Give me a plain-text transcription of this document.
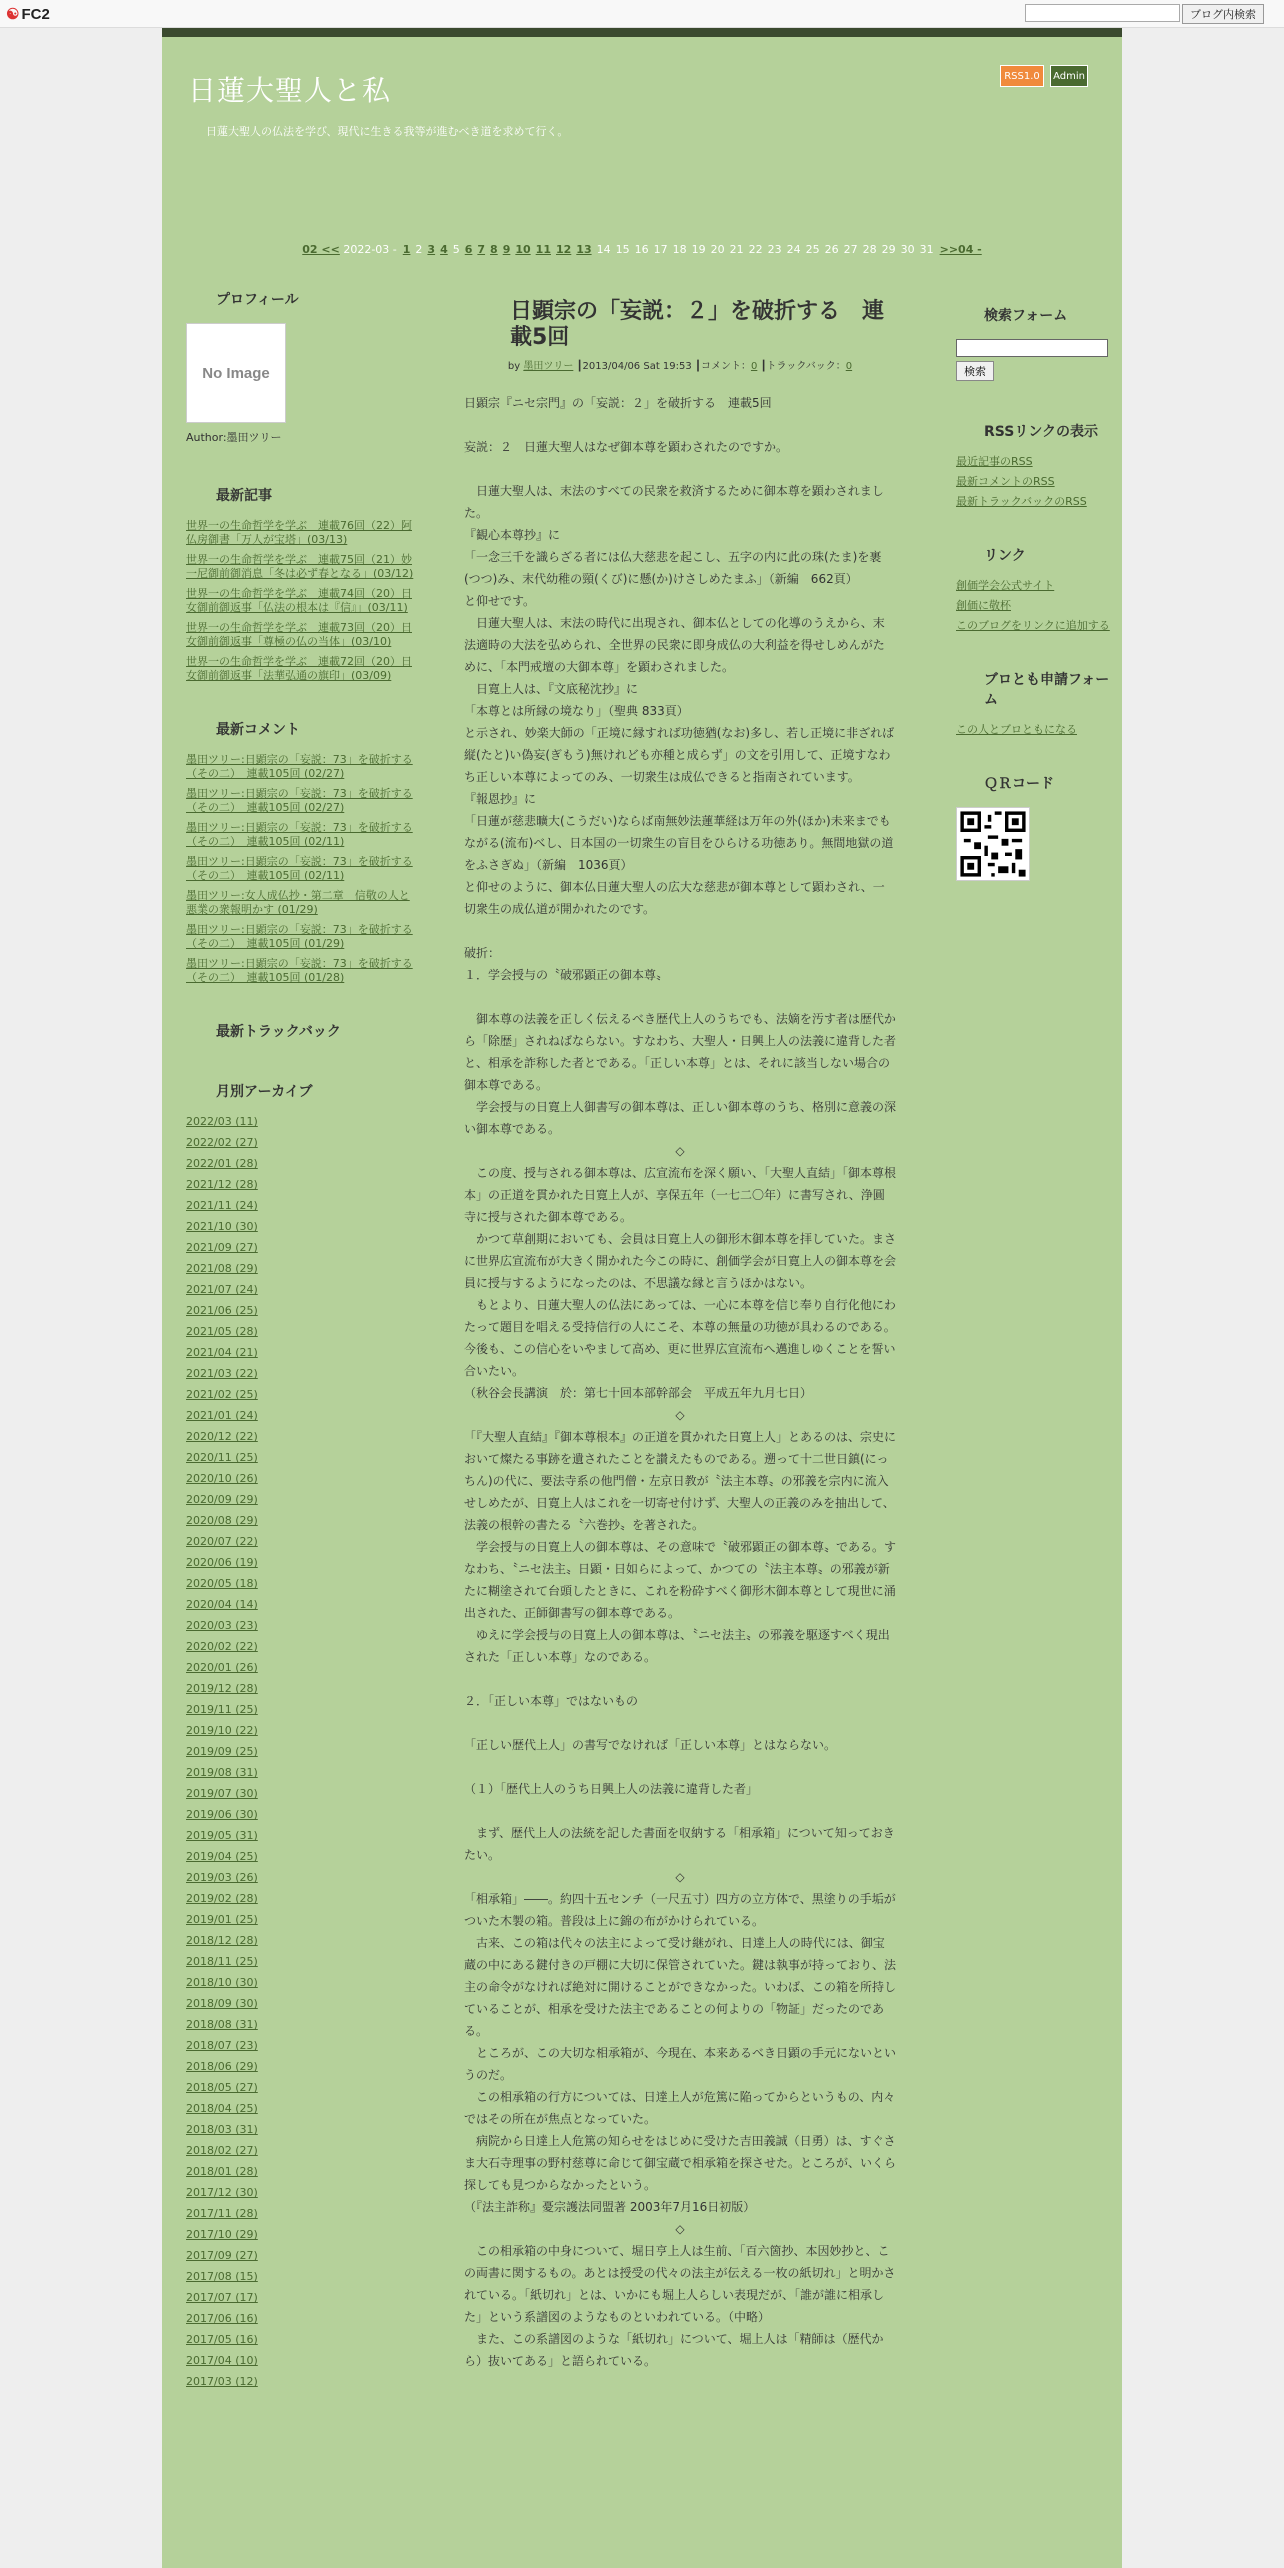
☯ FC2	ブログ内検索
日蓮大聖人と私
日蓮大聖人の仏法を学び、現代に生きる我等が進むべき道を求めて行く。
RSS1.0	Admin
02 << 2022-03 - 1 2 3 4 5 6 7 8 9 10 11 12 13 14 15 16 17 18 19 20 21 22 23 24 25 26 27 28 29 30 31 >>04 -
プロフィール
No Image
Author:墨田ツリー
最新記事
世界一の生命哲学を学ぶ　連載76回（22）阿仏房御書「万人が宝塔」(03/13)
世界一の生命哲学を学ぶ　連載75回（21）妙一尼御前御消息「冬は必ず春となる」(03/12)
世界一の生命哲学を学ぶ　連載74回（20）日女御前御返事「仏法の根本は『信』」(03/11)
世界一の生命哲学を学ぶ　連載73回（20）日女御前御返事「尊極の仏の当体」(03/10)
世界一の生命哲学を学ぶ　連載72回（20）日女御前御返事「法華弘通の旗印」(03/09)
最新コメント
墨田ツリー:日顕宗の「妄説：73」を破折する（その二）　連載105回 (02/27)
墨田ツリー:日顕宗の「妄説：73」を破折する（その二）　連載105回 (02/27)
墨田ツリー:日顕宗の「妄説：73」を破折する（その二）　連載105回 (02/11)
墨田ツリー:日顕宗の「妄説：73」を破折する（その二）　連載105回 (02/11)
墨田ツリー:女人成仏抄・第二章　信敬の人と悪業の衆報明かす (01/29)
墨田ツリー:日顕宗の「妄説：73」を破折する（その二）　連載105回 (01/29)
墨田ツリー:日顕宗の「妄説：73」を破折する（その二）　連載105回 (01/28)
最新トラックバック
月別アーカイブ
2022/03 (11)
2022/02 (27)
2022/01 (28)
2021/12 (28)
2021/11 (24)
2021/10 (30)
2021/09 (27)
2021/08 (29)
2021/07 (24)
2021/06 (25)
2021/05 (28)
2021/04 (21)
2021/03 (22)
2021/02 (25)
2021/01 (24)
2020/12 (22)
2020/11 (25)
2020/10 (26)
2020/09 (29)
2020/08 (29)
2020/07 (22)
2020/06 (19)
2020/05 (18)
2020/04 (14)
2020/03 (23)
2020/02 (22)
2020/01 (26)
2019/12 (28)
2019/11 (25)
2019/10 (22)
2019/09 (25)
2019/08 (31)
2019/07 (30)
2019/06 (30)
2019/05 (31)
2019/04 (25)
2019/03 (26)
2019/02 (28)
2019/01 (25)
2018/12 (28)
2018/11 (25)
2018/10 (30)
2018/09 (30)
2018/08 (31)
2018/07 (23)
2018/06 (29)
2018/05 (27)
2018/04 (25)
2018/03 (31)
2018/02 (27)
2018/01 (28)
2017/12 (30)
2017/11 (28)
2017/10 (29)
2017/09 (27)
2017/08 (15)
2017/07 (17)
2017/06 (16)
2017/05 (16)
2017/04 (10)
2017/03 (12)
日顕宗の「妄説：２」を破折する　連載5回
by 墨田ツリー ┃2013/04/06 Sat 19:53 ┃コメント：0 ┃トラックバック：0

日顕宗『ニセ宗門』の「妄説：２」を破折する　連載5回

妄説：２　日蓮大聖人はなぜ御本尊を顕わされたのですか。

　日蓮大聖人は、末法のすべての民衆を救済するために御本尊を顕わされました。

『観心本尊抄』に

「一念三千を識らざる者には仏大慈悲を起こし、五字の内に此の珠(たま)を裹(つつ)み、末代幼稚の頸(くび)に懸(か)けさしめたまふ」（新編　662頁）

と仰せです。

　日蓮大聖人は、末法の時代に出現され、御本仏としての化導のうえから、末法適時の大法を弘められ、全世界の民衆に即身成仏の大利益を得せしめんがために、「本門戒壇の大御本尊」を顕わされました。

　日寛上人は、『文底秘沈抄』に

「本尊とは所縁の境なり」（聖典 833頁）

と示され、妙楽大師の「正境に縁すれば功徳猶(なお)多し、若し正境に非ざれば縦(たと)い偽妄(ぎもう)無けれども亦種と成らず」の文を引用して、正境すなわち正しい本尊によってのみ、一切衆生は成仏できると指南されています。

『報恩抄』に

「日蓮が慈悲曠大(こうだい)ならば南無妙法蓮華経は万年の外(ほか)未来までもながる(流布)べし、日本国の一切衆生の盲目をひらける功徳あり。無間地獄の道をふさぎぬ」（新編　1036頁）

と仰せのように、御本仏日蓮大聖人の広大な慈悲が御本尊として顕わされ、一切衆生の成仏道が開かれたのです。

破折：

１．学会授与の〝破邪顕正の御本尊〟

　御本尊の法義を正しく伝えるべき歴代上人のうちでも、法嫡を汚す者は歴代から「除歴」されねばならない。すなわち、大聖人・日興上人の法義に違背した者と、相承を詐称した者とである。「正しい本尊」とは、それに該当しない場合の御本尊である。

　学会授与の日寛上人御書写の御本尊は、正しい御本尊のうち、格別に意義の深い御本尊である。

◇

　この度、授与される御本尊は、広宣流布を深く願い、「大聖人直結」「御本尊根本」の正道を貫かれた日寛上人が、享保五年（一七二〇年）に書写され、浄圓寺に授与された御本尊である。

　かつて草創期においても、会員は日寛上人の御形木御本尊を拝していた。まさに世界広宣流布が大きく開かれた今この時に、創価学会が日寛上人の御本尊を会員に授与するようになったのは、不思議な縁と言うほかはない。

　もとより、日蓮大聖人の仏法にあっては、一心に本尊を信じ奉り自行化他にわたって題目を唱える受持信行の人にこそ、本尊の無量の功徳が具わるのである。今後も、この信心をいやまして高め、更に世界広宣流布へ邁進しゆくことを誓い合いたい。

（秋谷会長講演　於：第七十回本部幹部会　平成五年九月七日）

◇

「『大聖人直結』『御本尊根本』の正道を貫かれた日寛上人」とあるのは、宗史において燦たる事跡を遺されたことを讃えたものである。遡って十二世日鎮(にっちん)の代に、要法寺系の他門僧・左京日教が〝法主本尊〟の邪義を宗内に流入せしめたが、日寛上人はこれを一切寄せ付けず、大聖人の正義のみを抽出して、法義の根幹の書たる〝六巻抄〟を著された。

　学会授与の日寛上人の御本尊は、その意味で〝破邪顕正の御本尊〟である。すなわち、〝ニセ法主〟日顕・日如らによって、かつての〝法主本尊〟の邪義が新たに糊塗されて台頭したときに、これを粉砕すべく御形木御本尊として現世に涌出された、正師御書写の御本尊である。

　ゆえに学会授与の日寛上人の御本尊は、〝ニセ法主〟の邪義を駆逐すべく現出された「正しい本尊」なのである。

２．「正しい本尊」ではないもの

「正しい歴代上人」の書写でなければ「正しい本尊」とはならない。

（１）「歴代上人のうち日興上人の法義に違背した者」

　まず、歴代上人の法統を記した書面を収納する「相承箱」について知っておきたい。

◇

「相承箱」――。約四十五センチ（一尺五寸）四方の立方体で、黒塗りの手垢がついた木製の箱。普段は上に錦の布がかけられている。

　古来、この箱は代々の法主によって受け継がれ、日達上人の時代には、御宝蔵の中にある鍵付きの戸棚に大切に保管されていた。鍵は執事が持っており、法主の命令がなければ絶対に開けることができなかった。いわば、この箱を所持していることが、相承を受けた法主であることの何よりの「物証」だったのである。

　ところが、この大切な相承箱が、今現在、本来あるべき日顕の手元にないというのだ。

　この相承箱の行方については、日達上人が危篤に陥ってからというもの、内々ではその所在が焦点となっていた。

　病院から日達上人危篤の知らせをはじめに受けた吉田義誠（日勇）は、すぐさま大石寺理事の野村慈尊に命じて御宝蔵で相承箱を探させた。ところが、いくら探しても見つからなかったという。

（『法主詐称』憂宗護法同盟著 2003年7月16日初版）

◇

　この相承箱の中身について、堀日亨上人は生前、「百六箇抄、本因妙抄と、この両書に関するもの。あとは授受の代々の法主が伝える一枚の紙切れ」と明かされている。「紙切れ」とは、いかにも堀上人らしい表現だが、「誰が誰に相承した」という系譜図のようなものといわれている。（中略）

　また、この系譜図のような「紙切れ」について、堀上人は「精師は（歴代から）抜いてある」と語られている。

検索フォーム
検索
RSSリンクの表示
最近記事のRSS
最新コメントのRSS
最新トラックバックのRSS
リンク
創価学会公式サイト
創価に敬杯
このブログをリンクに追加する
ブロとも申請フォーム
この人とブロともになる
ＱＲコード
